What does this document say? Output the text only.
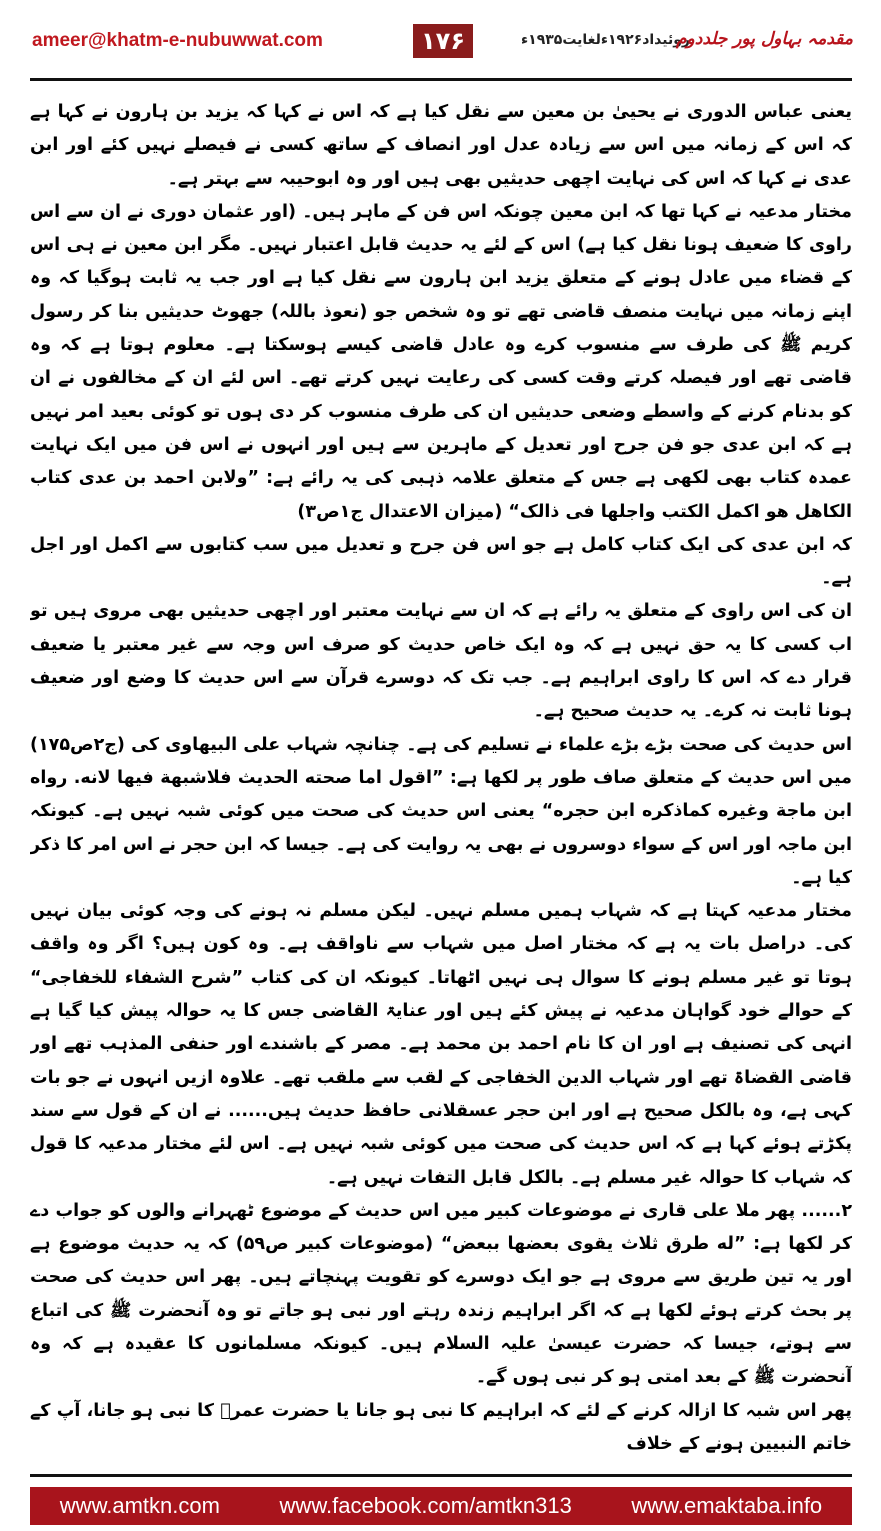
ameer@khatm-e-nubuwwat.com	۱۷۶	روئیداد۱۹۲۶ءلغایت۱۹۳۵ء
مقدمہ بہاول پور جلددوم

یعنی عباس الدوری نے یحییٰ بن معین سے نقل کیا ہے کہ اس نے کہا کہ یزید بن ہارون نے کہا ہے کہ اس کے زمانہ میں اس سے زیادہ عدل اور انصاف کے ساتھ کسی نے فیصلے نہیں کئے اور ابن عدی نے کہا کہ اس کی نہایت اچھی حدیثیں بھی ہیں اور وہ ابوحیبہ سے بہتر ہے۔

مختار مدعیہ نے کہا تھا کہ ابن معین چونکہ اس فن کے ماہر ہیں۔ (اور عثمان دوری نے ان سے اس راوی کا ضعیف ہونا نقل کیا ہے) اس کے لئے یہ حدیث قابل اعتبار نہیں۔ مگر ابن معین نے ہی اس کے قضاء میں عادل ہونے کے متعلق یزید ابن ہارون سے نقل کیا ہے اور جب یہ ثابت ہوگیا کہ وہ اپنے زمانہ میں نہایت منصف قاضی تھے تو وہ شخص جو (نعوذ باللہ) جھوٹ حدیثیں بنا کر رسول کریم ﷺ کی طرف سے منسوب کرے وہ عادل قاضی کیسے ہوسکتا ہے۔ معلوم ہوتا ہے کہ وہ قاضی تھے اور فیصلہ کرتے وقت کسی کی رعایت نہیں کرتے تھے۔ اس لئے ان کے مخالفوں نے ان کو بدنام کرنے کے واسطے وضعی حدیثیں ان کی طرف منسوب کر دی ہوں تو کوئی بعید امر نہیں ہے کہ ابن عدی جو فن جرح اور تعدیل کے ماہرین سے ہیں اور انہوں نے اس فن میں ایک نہایت عمدہ کتاب بھی لکھی ہے جس کے متعلق علامہ ذہبی کی یہ رائے ہے: ”ولابن احمد بن عدی کتاب الکاهل هو اکمل الکتب واجلها فی ذالک“ (میزان الاعتدال ج۱ص۳)

کہ ابن عدی کی ایک کتاب کامل ہے جو اس فن جرح و تعدیل میں سب کتابوں سے اکمل اور اجل ہے۔

ان کی اس راوی کے متعلق یہ رائے ہے کہ ان سے نہایت معتبر اور اچھی حدیثیں بھی مروی ہیں تو اب کسی کا یہ حق نہیں ہے کہ وہ ایک خاص حدیث کو صرف اس وجہ سے غیر معتبر یا ضعیف قرار دے کہ اس کا راوی ابراہیم ہے۔ جب تک کہ دوسرے قرآن سے اس حدیث کا وضع اور ضعیف ہونا ثابت نہ کرے۔ یہ حدیث صحیح ہے۔

اس حدیث کی صحت بڑے بڑے علماء نے تسلیم کی ہے۔ چنانچہ شہاب علی البیھاوی کی (ج۲ص۱۷۵) میں اس حدیث کے متعلق صاف طور پر لکھا ہے: ”اقول اما صحته الحدیث فلاشبهة فیها لانه. رواه ابن ماجة وغیره کماذکره ابن حجره“ یعنی اس حدیث کی صحت میں کوئی شبہ نہیں ہے۔ کیونکہ ابن ماجہ اور اس کے سواء دوسروں نے بھی یہ روایت کی ہے۔ جیسا کہ ابن حجر نے اس امر کا ذکر کیا ہے۔

مختار مدعیہ کہتا ہے کہ شہاب ہمیں مسلم نہیں۔ لیکن مسلم نہ ہونے کی وجہ کوئی بیان نہیں کی۔ دراصل بات یہ ہے کہ مختار اصل میں شہاب سے ناواقف ہے۔ وہ کون ہیں؟ اگر وہ واقف ہوتا تو غیر مسلم ہونے کا سوال ہی نہیں اٹھاتا۔ کیونکہ ان کی کتاب ”شرح الشفاء للخفاجی“ کے حوالے خود گواہان مدعیہ نے پیش کئے ہیں اور عنایۃ القاضی جس کا یہ حوالہ پیش کیا گیا ہے انہی کی تصنیف ہے اور ان کا نام احمد بن محمد ہے۔ مصر کے باشندے اور حنفی المذہب تھے اور قاضی القضاۃ تھے اور شہاب الدین الخفاجی کے لقب سے ملقب تھے۔ علاوہ ازیں انہوں نے جو بات کہی ہے، وہ بالکل صحیح ہے اور ابن حجر عسقلانی حافظ حدیث ہیں...... نے ان کے قول سے سند پکڑتے ہوئے کہا ہے کہ اس حدیث کی صحت میں کوئی شبہ نہیں ہے۔ اس لئے مختار مدعیہ کا قول کہ شہاب کا حوالہ غیر مسلم ہے۔ بالکل قابل التفات نہیں ہے۔

۲...... پھر ملا علی قاری نے موضوعات کبیر میں اس حدیث کے موضوع ٹھہرانے والوں کو جواب دے کر لکھا ہے: ”له طرق ثلاث یقوی بعضها ببعض“ (موضوعات کبیر ص۵۹) کہ یہ حدیث موضوع ہے اور یہ تین طریق سے مروی ہے جو ایک دوسرے کو تقویت پہنچاتے ہیں۔ پھر اس حدیث کی صحت پر بحث کرتے ہوئے لکھا ہے کہ اگر ابراہیم زندہ رہتے اور نبی ہو جاتے تو وہ آنحضرت ﷺ کی اتباع سے ہوتے، جیسا کہ حضرت عیسیٰ علیہ السلام ہیں۔ کیونکہ مسلمانوں کا عقیدہ ہے کہ وہ آنحضرت ﷺ کے بعد امتی ہو کر نبی ہوں گے۔

پھر اس شبہ کا ازالہ کرنے کے لئے کہ ابراہیم کا نبی ہو جانا یا حضرت عمرؓ کا نبی ہو جانا، آپ کے خاتم النبیین ہونے کے خلاف

www.amtkn.com	www.facebook.com/amtkn313	www.emaktaba.info
